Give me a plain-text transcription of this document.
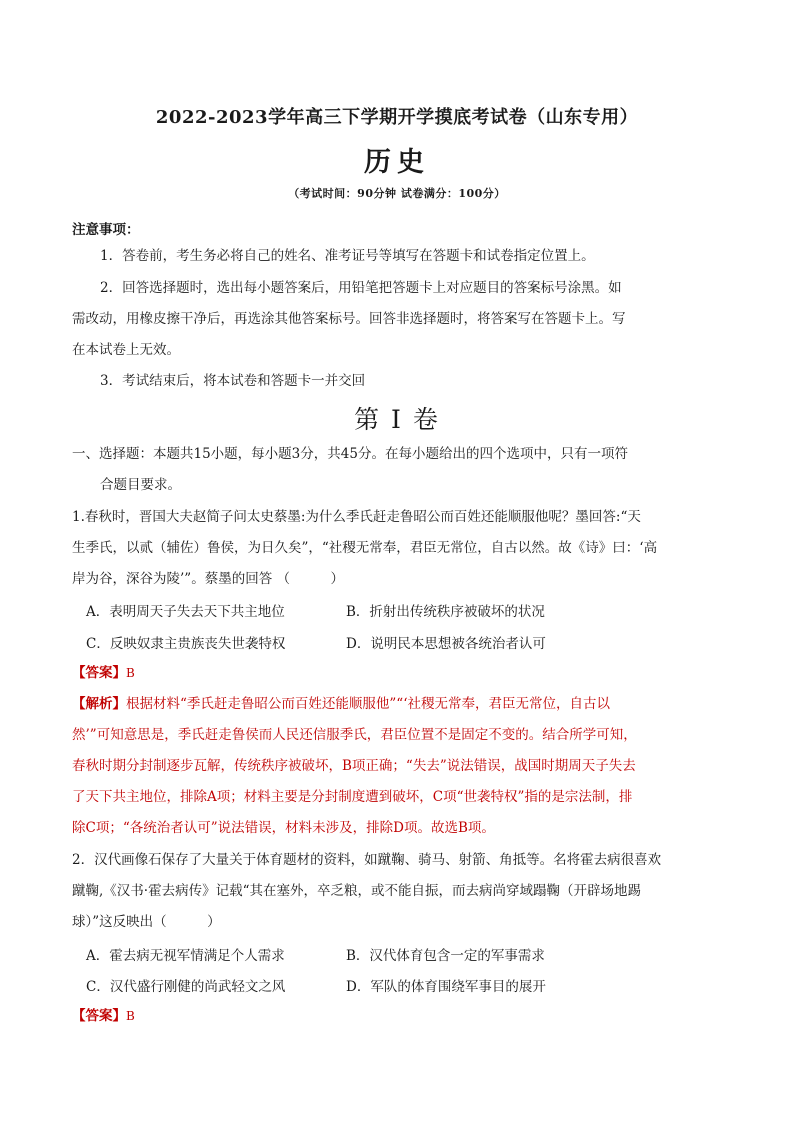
2022-2023学年高三下学期开学摸底考试卷（山东专用）
历史
（考试时间：90分钟 试卷满分：100分）
注意事项：
1．答卷前，考生务必将自己的姓名、准考证号等填写在答题卡和试卷指定位置上。
2．回答选择题时，选出每小题答案后，用铅笔把答题卡上对应题目的答案标号涂黑。如
需改动，用橡皮擦干净后，再选涂其他答案标号。回答非选择题时，将答案写在答题卡上。写
在本试卷上无效。
3．考试结束后，将本试卷和答题卡一并交回
第 I 卷
一、选择题：本题共15小题，每小题3分，共45分。在每小题给出的四个选项中，只有一项符
合题目要求。
1.春秋时，晋国大夫赵简子问太史蔡墨:为什么季氏赶走鲁昭公而百姓还能顺服他呢？墨回答:“天
生季氏，以贰（辅佐）鲁侯，为日久矣”，“社稷无常奉，君臣无常位，自古以然。故《诗》曰：‘高
岸为谷，深谷为陵’”。蔡墨的回答 （　　　）
A．表明周天子失去天下共主地位	B．折射出传统秩序被破坏的状况
C．反映奴隶主贵族丧失世袭特权	D．说明民本思想被各统治者认可
【答案】B
【解析】根据材料“季氏赶走鲁昭公而百姓还能顺服他”“‘社稷无常奉，君臣无常位，自古以
然’”可知意思是，季氏赶走鲁侯而人民还信服季氏，君臣位置不是固定不变的。结合所学可知，
春秋时期分封制逐步瓦解，传统秩序被破坏，B项正确；“失去”说法错误，战国时期周天子失去
了天下共主地位，排除A项；材料主要是分封制度遭到破坏，C项“世袭特权”指的是宗法制，排
除C项；“各统治者认可”说法错误，材料未涉及，排除D项。故选B项。
2．汉代画像石保存了大量关于体育题材的资料，如蹴鞠、骑马、射箭、角抵等。名将霍去病很喜欢
蹴鞠,《汉书·霍去病传》记载“其在塞外，卒乏粮，或不能自振，而去病尚穿域蹋鞠（开辟场地踢
球）”这反映出（　　　）
A．霍去病无视军情满足个人需求	B．汉代体育包含一定的军事需求
C．汉代盛行刚健的尚武轻文之风	D．军队的体育围绕军事目的展开
【答案】B
